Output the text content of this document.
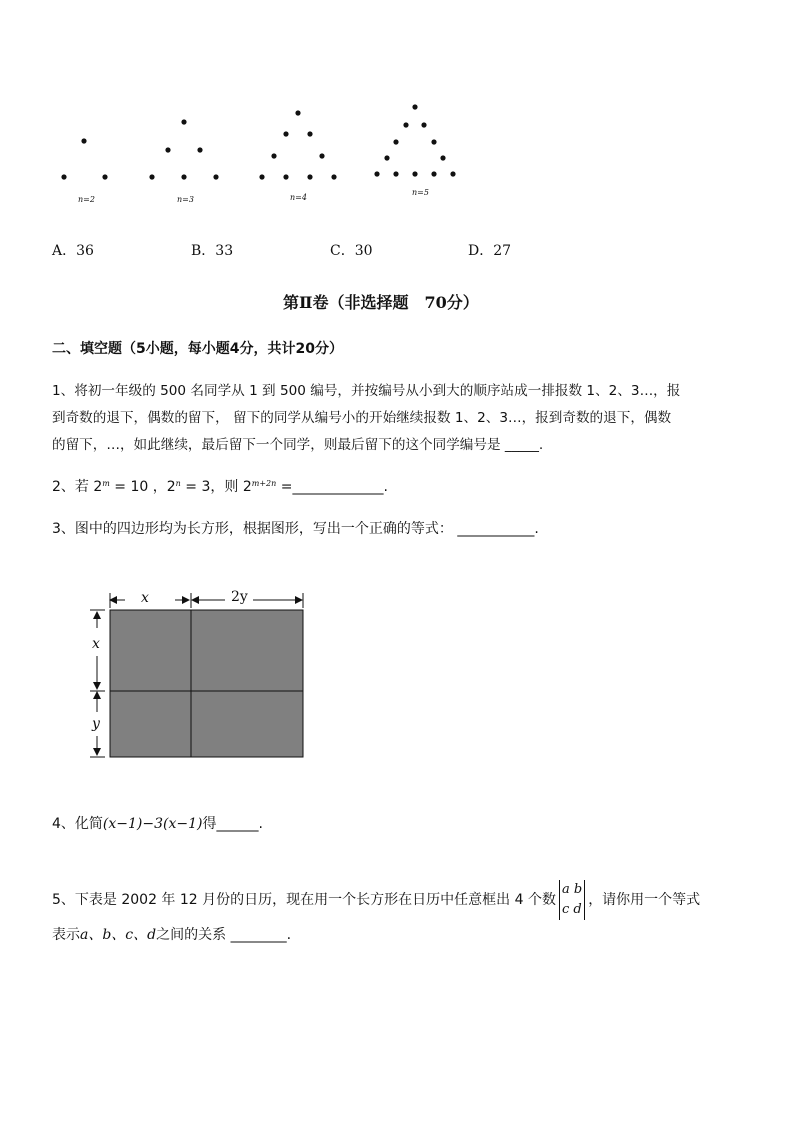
n=2	n=3	n=4
n=5
A．36	B．33	C．30	D．27
第Ⅱ卷（非选择题　70分）
二、填空题（5小题，每小题4分，共计20分）
1、将初一年级的 500 名同学从 1 到 500 编号，并按编号从小到大的顺序站成一排报数 1、2、3…，报
到奇数的退下，偶数的留下， 留下的同学从编号小的开始继续报数 1、2、3…，报到奇数的退下，偶数
的留下，…，如此继续，最后留下一个同学，则最后留下的这个同学编号是 _____.
2、若 $2^m = 10$ ，$2^n = 3$，则 $2^{m+2n}$ =_____________.
3、图中的四边形均为长方形，根据图形，写出一个正确的等式： ___________.
x	2y
x
y
4、化简(x−1)−3(x−1)得______.
5、下表是 2002 年 12 月份的日历，现在用一个长方形在日历中任意框出 4 个数
a b
c d
，请你用一个等式
表示a、b、c、d之间的关系 ________.
